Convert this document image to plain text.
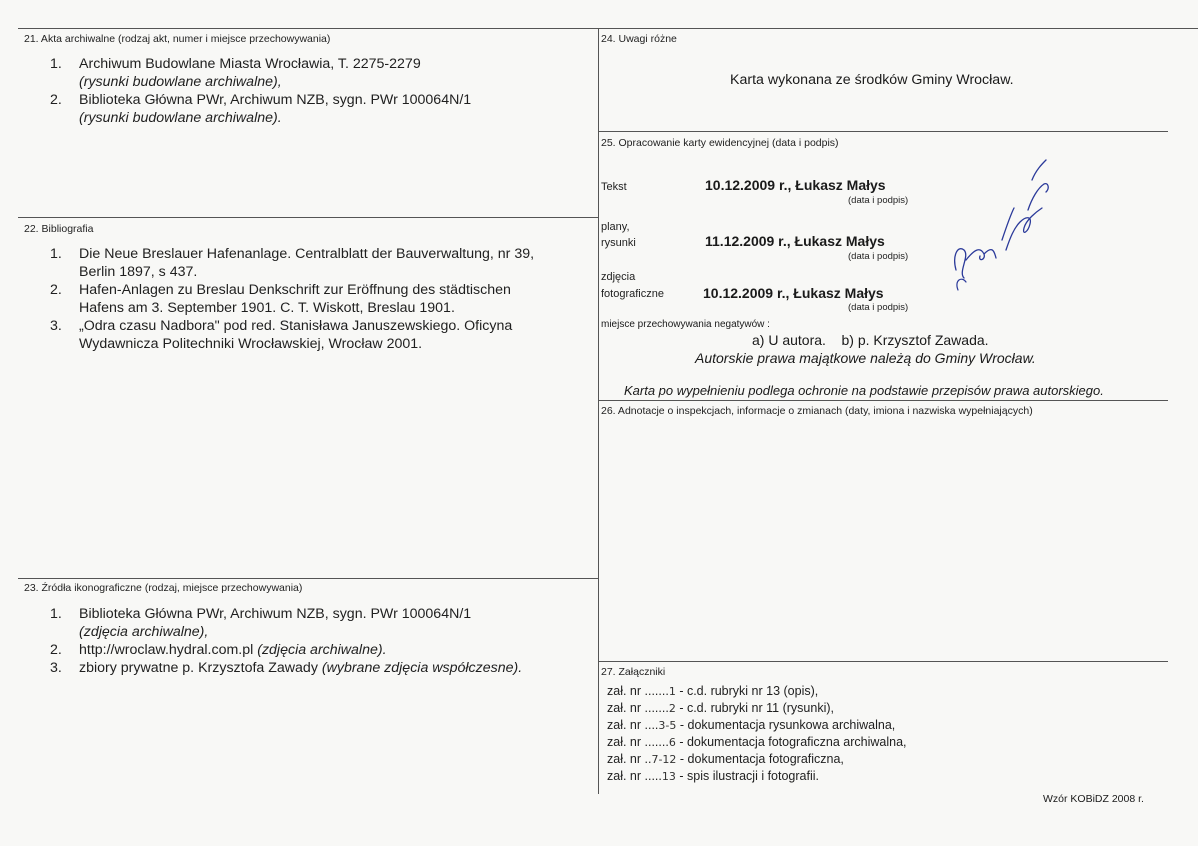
21. Akta archiwalne (rodzaj akt, numer i miejsce przechowywania)
1. Archiwum Budowlane Miasta Wrocławia, T. 2275-2279
(rysunki budowlane archiwalne),
2. Biblioteka Główna PWr, Archiwum NZB, sygn. PWr 100064N/1
(rysunki budowlane archiwalne).
22. Bibliografia
1. Die Neue Breslauer Hafenanlage. Centralblatt der Bauverwaltung, nr 39,
Berlin 1897, s 437.
2. Hafen-Anlagen zu Breslau Denkschrift zur Eröffnung des städtischen
Hafens am 3. September 1901. C. T. Wiskott, Breslau 1901.
3. „Odra czasu Nadbora" pod red. Stanisława Januszewskiego. Oficyna
Wydawnicza Politechniki Wrocławskiej, Wrocław 2001.
23. Źródła ikonograficzne (rodzaj, miejsce przechowywania)
1. Biblioteka Główna PWr, Archiwum NZB, sygn. PWr 100064N/1
(zdjęcia archiwalne),
2. http://wroclaw.hydral.com.pl (zdjęcia archiwalne).
3. zbiory prywatne p. Krzysztofa Zawady (wybrane zdjęcia współczesne).
24. Uwagi różne
Karta wykonana ze środków Gminy Wrocław.
25. Opracowanie karty ewidencyjnej (data i podpis)
Tekst	10.12.2009 r., Łukasz Małys
(data i podpis)
plany,
rysunki	11.12.2009 r., Łukasz Małys
(data i podpis)
zdjęcia
fotograficzne	10.12.2009 r., Łukasz Małys
(data i podpis)
miejsce przechowywania negatywów :
a) U autora.    b) p. Krzysztof Zawada.
Autorskie prawa majątkowe należą do Gminy Wrocław.
Karta po wypełnieniu podlega ochronie na podstawie przepisów prawa autorskiego.
26. Adnotacje o inspekcjach, informacje o zmianach (daty, imiona i nazwiska wypełniających)
27. Załączniki
zał. nr .......1 - c.d. rubryki nr 13 (opis),
zał. nr .......2 - c.d. rubryki nr 11 (rysunki),
zał. nr ....3-5 - dokumentacja rysunkowa archiwalna,
zał. nr .......6 - dokumentacja fotograficzna archiwalna,
zał. nr ..7-12 - dokumentacja fotograficzna,
zał. nr .....13 - spis ilustracji i fotografii.
Wzór KOBiDZ 2008 r.
